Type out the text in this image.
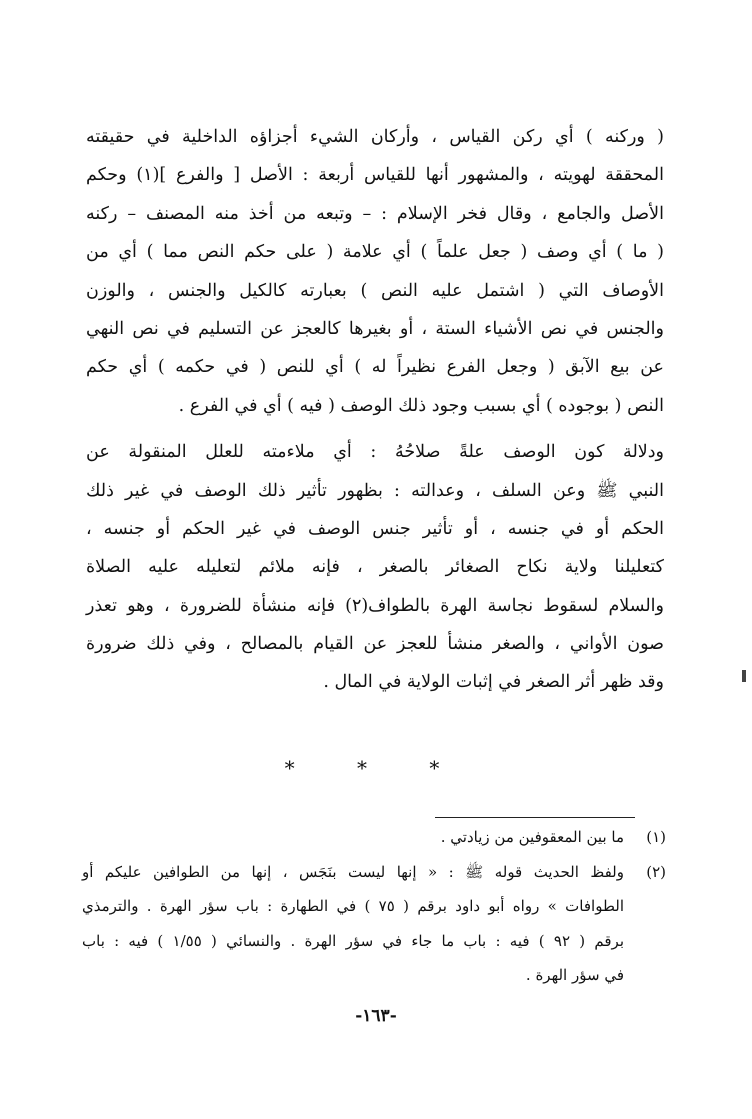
( وركنه ) أي ركن القياس ، وأركان الشيء أجزاؤه الداخلية في حقيقته
المحققة لهويته ، والمشهور أنها للقياس أربعة : الأصل [ والفرع ](١) وحكم
الأصل والجامع ، وقال فخر الإسلام : – وتبعه من أخذ منه المصنف – ركنه
( ما ) أي وصف ( جعل علماً ) أي علامة ( على حكم النص مما ) أي من
الأوصاف التي ( اشتمل عليه النص ) بعبارته كالكيل والجنس ، والوزن
والجنس في نص الأشياء الستة ، أو بغيرها كالعجز عن التسليم في نص النهي
عن بيع الآبق ( وجعل الفرع نظيراً له ) أي للنص ( في حكمه ) أي حكم
النص ( بوجوده ) أي بسبب وجود ذلك الوصف ( فيه ) أي في الفرع .
ودلالة كون الوصف علةً صلاحُهُ : أي ملاءمته للعلل المنقولة عن
النبي ﷺ وعن السلف ، وعدالته : بظهور تأثير ذلك الوصف في غير ذلك
الحكم أو في جنسه ، أو تأثير جنس الوصف في غير الحكم أو جنسه ،
كتعليلنا ولاية نكاح الصغائر بالصغر ، فإنه ملائم لتعليله عليه الصلاة
والسلام لسقوط نجاسة الهرة بالطواف(٢) فإنه منشأة للضرورة ، وهو تعذر
صون الأواني ، والصغر منشأ للعجز عن القيام بالمصالح ، وفي ذلك ضرورة
وقد ظهر أثر الصغر في إثبات الولاية في المال .
* * *
(١)
ما بين المعقوفين من زيادتي .
(٢)
ولفظ الحديث قوله ﷺ : « إنها ليست بنَجَس ، إنها من الطوافين عليكم أو
الطوافات » رواه أبو داود برقم ( ٧٥ ) في الطهارة : باب سؤر الهرة . والترمذي
برقم ( ٩٢ ) فيه : باب ما جاء في سؤر الهرة . والنسائي ( ١/٥٥ ) فيه : باب
في سؤر الهرة .
-١٦٣-
